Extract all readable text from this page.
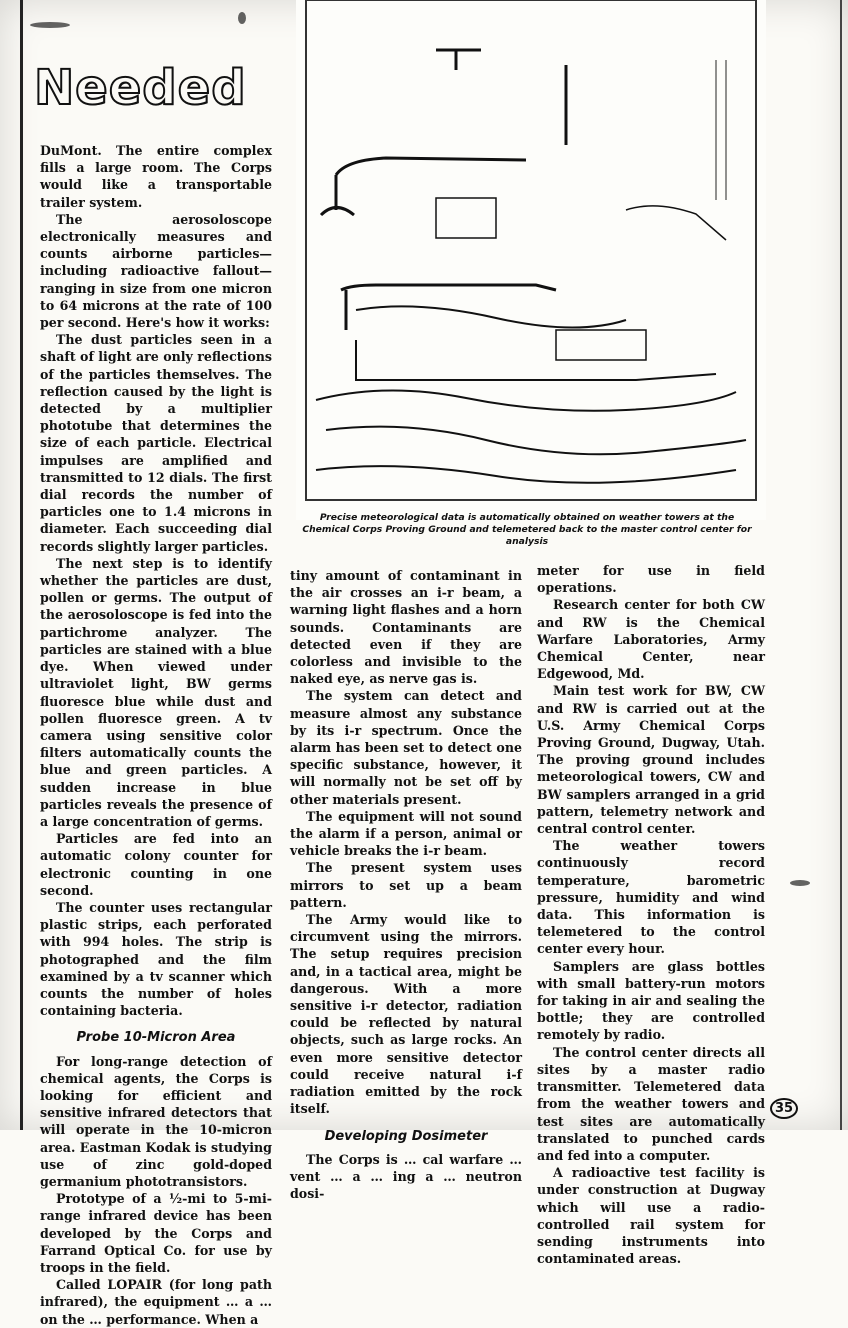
Needed
Precise meteorological data is automatically obtained on weather towers at the Chemical Corps Proving Ground and telemetered back to the master control center for analysis

DuMont. The entire complex fills a large room. The Corps would like a transportable trailer system.

The aerosoloscope electronically measures and counts airborne particles—including radioactive fallout—ranging in size from one micron to 64 microns at the rate of 100 per second. Here's how it works:

The dust particles seen in a shaft of light are only reflections of the particles themselves. The reflection caused by the light is detected by a multiplier phototube that determines the size of each particle. Electrical impulses are amplified and transmitted to 12 dials. The first dial records the number of particles one to 1.4 microns in diameter. Each succeeding dial records slightly larger particles.

The next step is to identify whether the particles are dust, pollen or germs. The output of the aerosoloscope is fed into the partichrome analyzer. The particles are stained with a blue dye. When viewed under ultraviolet light, BW germs fluoresce blue while dust and pollen fluoresce green. A tv camera using sensitive color filters automatically counts the blue and green particles. A sudden increase in blue particles reveals the presence of a large concentration of germs.

Particles are fed into an automatic colony counter for electronic counting in one second.

The counter uses rectangular plastic strips, each perforated with 994 holes. The strip is photographed and the film examined by a tv scanner which counts the number of holes containing bacteria.

Probe 10-Micron Area

For long-range detection of chemical agents, the Corps is looking for efficient and sensitive infrared detectors that will operate in the 10-micron area. Eastman Kodak is studying use of zinc gold-doped germanium phototransistors.

Prototype of a ½-mi to 5-mi-range infrared device has been developed by the Corps and Farrand Optical Co. for use by troops in the field.

Called LOPAIR (for long path infrared), the equipment … a … on the … performance. When a

tiny amount of contaminant in the air crosses an i-r beam, a warning light flashes and a horn sounds. Contaminants are detected even if they are colorless and invisible to the naked eye, as nerve gas is.

The system can detect and measure almost any substance by its i-r spectrum. Once the alarm has been set to detect one specific substance, however, it will normally not be set off by other materials present.

The equipment will not sound the alarm if a person, animal or vehicle breaks the i-r beam.

The present system uses mirrors to set up a beam pattern.

The Army would like to circumvent using the mirrors. The setup requires precision and, in a tactical area, might be dangerous. With a more sensitive i-r detector, radiation could be reflected by natural objects, such as large rocks. An even more sensitive detector could receive natural i-f radiation emitted by the rock itself.

Developing Dosimeter

The Corps is … cal warfare … vent … a … ing a … neutron dosi-

meter for use in field operations.

Research center for both CW and RW is the Chemical Warfare Laboratories, Army Chemical Center, near Edgewood, Md.

Main test work for BW, CW and RW is carried out at the U.S. Army Chemical Corps Proving Ground, Dugway, Utah. The proving ground includes meteorological towers, CW and BW samplers arranged in a grid pattern, telemetry network and central control center.

The weather towers continuously record temperature, barometric pressure, humidity and wind data. This information is telemetered to the control center every hour.

Samplers are glass bottles with small battery-run motors for taking in air and sealing the bottle; they are controlled remotely by radio.

The control center directs all sites by a master radio transmitter. Telemetered data from the weather towers and test sites are automatically translated to punched cards and fed into a computer.

A radioactive test facility is under construction at Dugway which will use a radio-controlled rail system for sending instruments into contaminated areas.

35
